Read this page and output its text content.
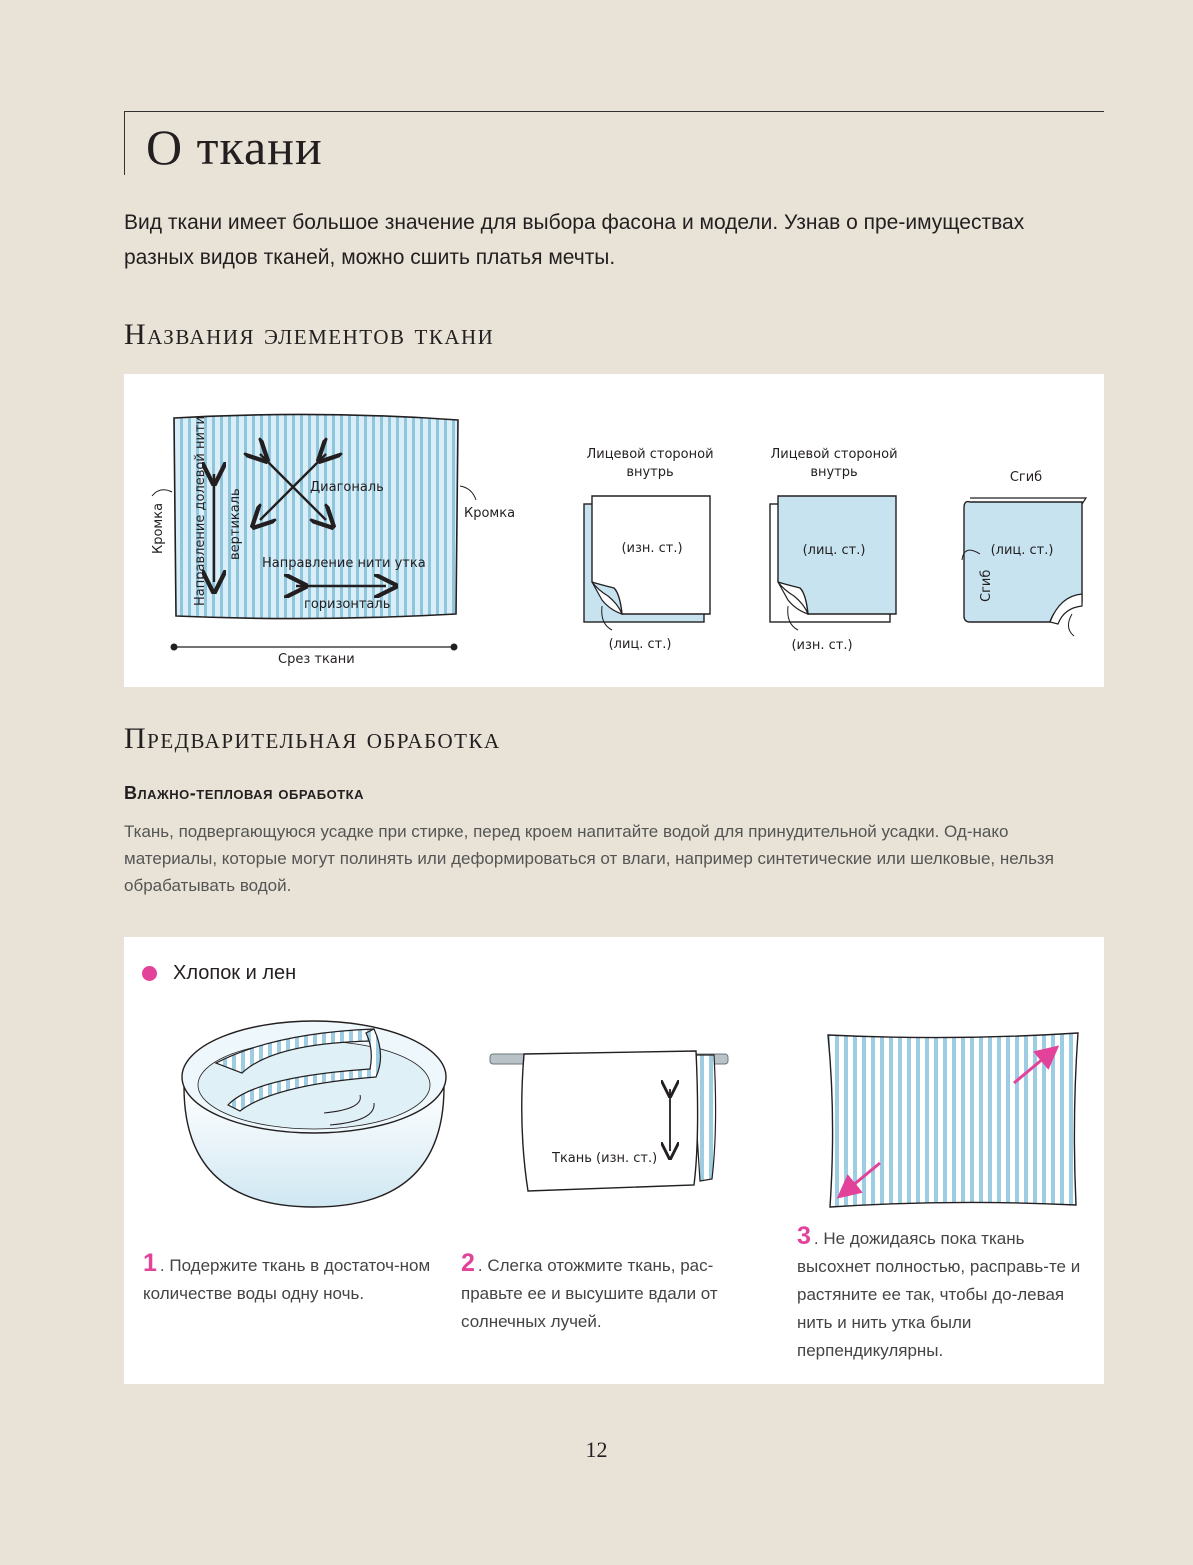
О ткани

Вид ткани имеет большое значение для выбора фасона и модели. Узнав о пре-имуществах разных видов тканей, можно сшить платья мечты.

Названия элементов ткани
Кромка	Кромка
Направление долевой нити вертикаль
Диагональ
Направление нити утка
горизонталь
Срез ткани
Лицевой стороной
внутрь
(изн. ст.)
(лиц. ст.)
Лицевой стороной
внутрь
(лиц. ст.)
(изн. ст.)
Сгиб
Сгиб
(лиц. ст.)
Предварительная обработка
Влажно-тепловая обработка

Ткань, подвергающуюся усадке при стирке, перед кроем напитайте водой для принудительной усадки. Од-нако материалы, которые могут полинять или деформироваться от влаги, например синтетические или шелковые, нельзя обрабатывать водой.

Ткань (изн. ст.)
Хлопок и лен

1 . Подержите ткань в достаточ-ном количестве воды одну ночь.

2 . Слегка отожмите ткань, рас-правьте ее и высушите вдали от солнечных лучей.

3 . Не дожидаясь пока ткань высохнет полностью, расправь-те и растяните ее так, чтобы до-левая нить и нить утка были перпендикулярны.

12
